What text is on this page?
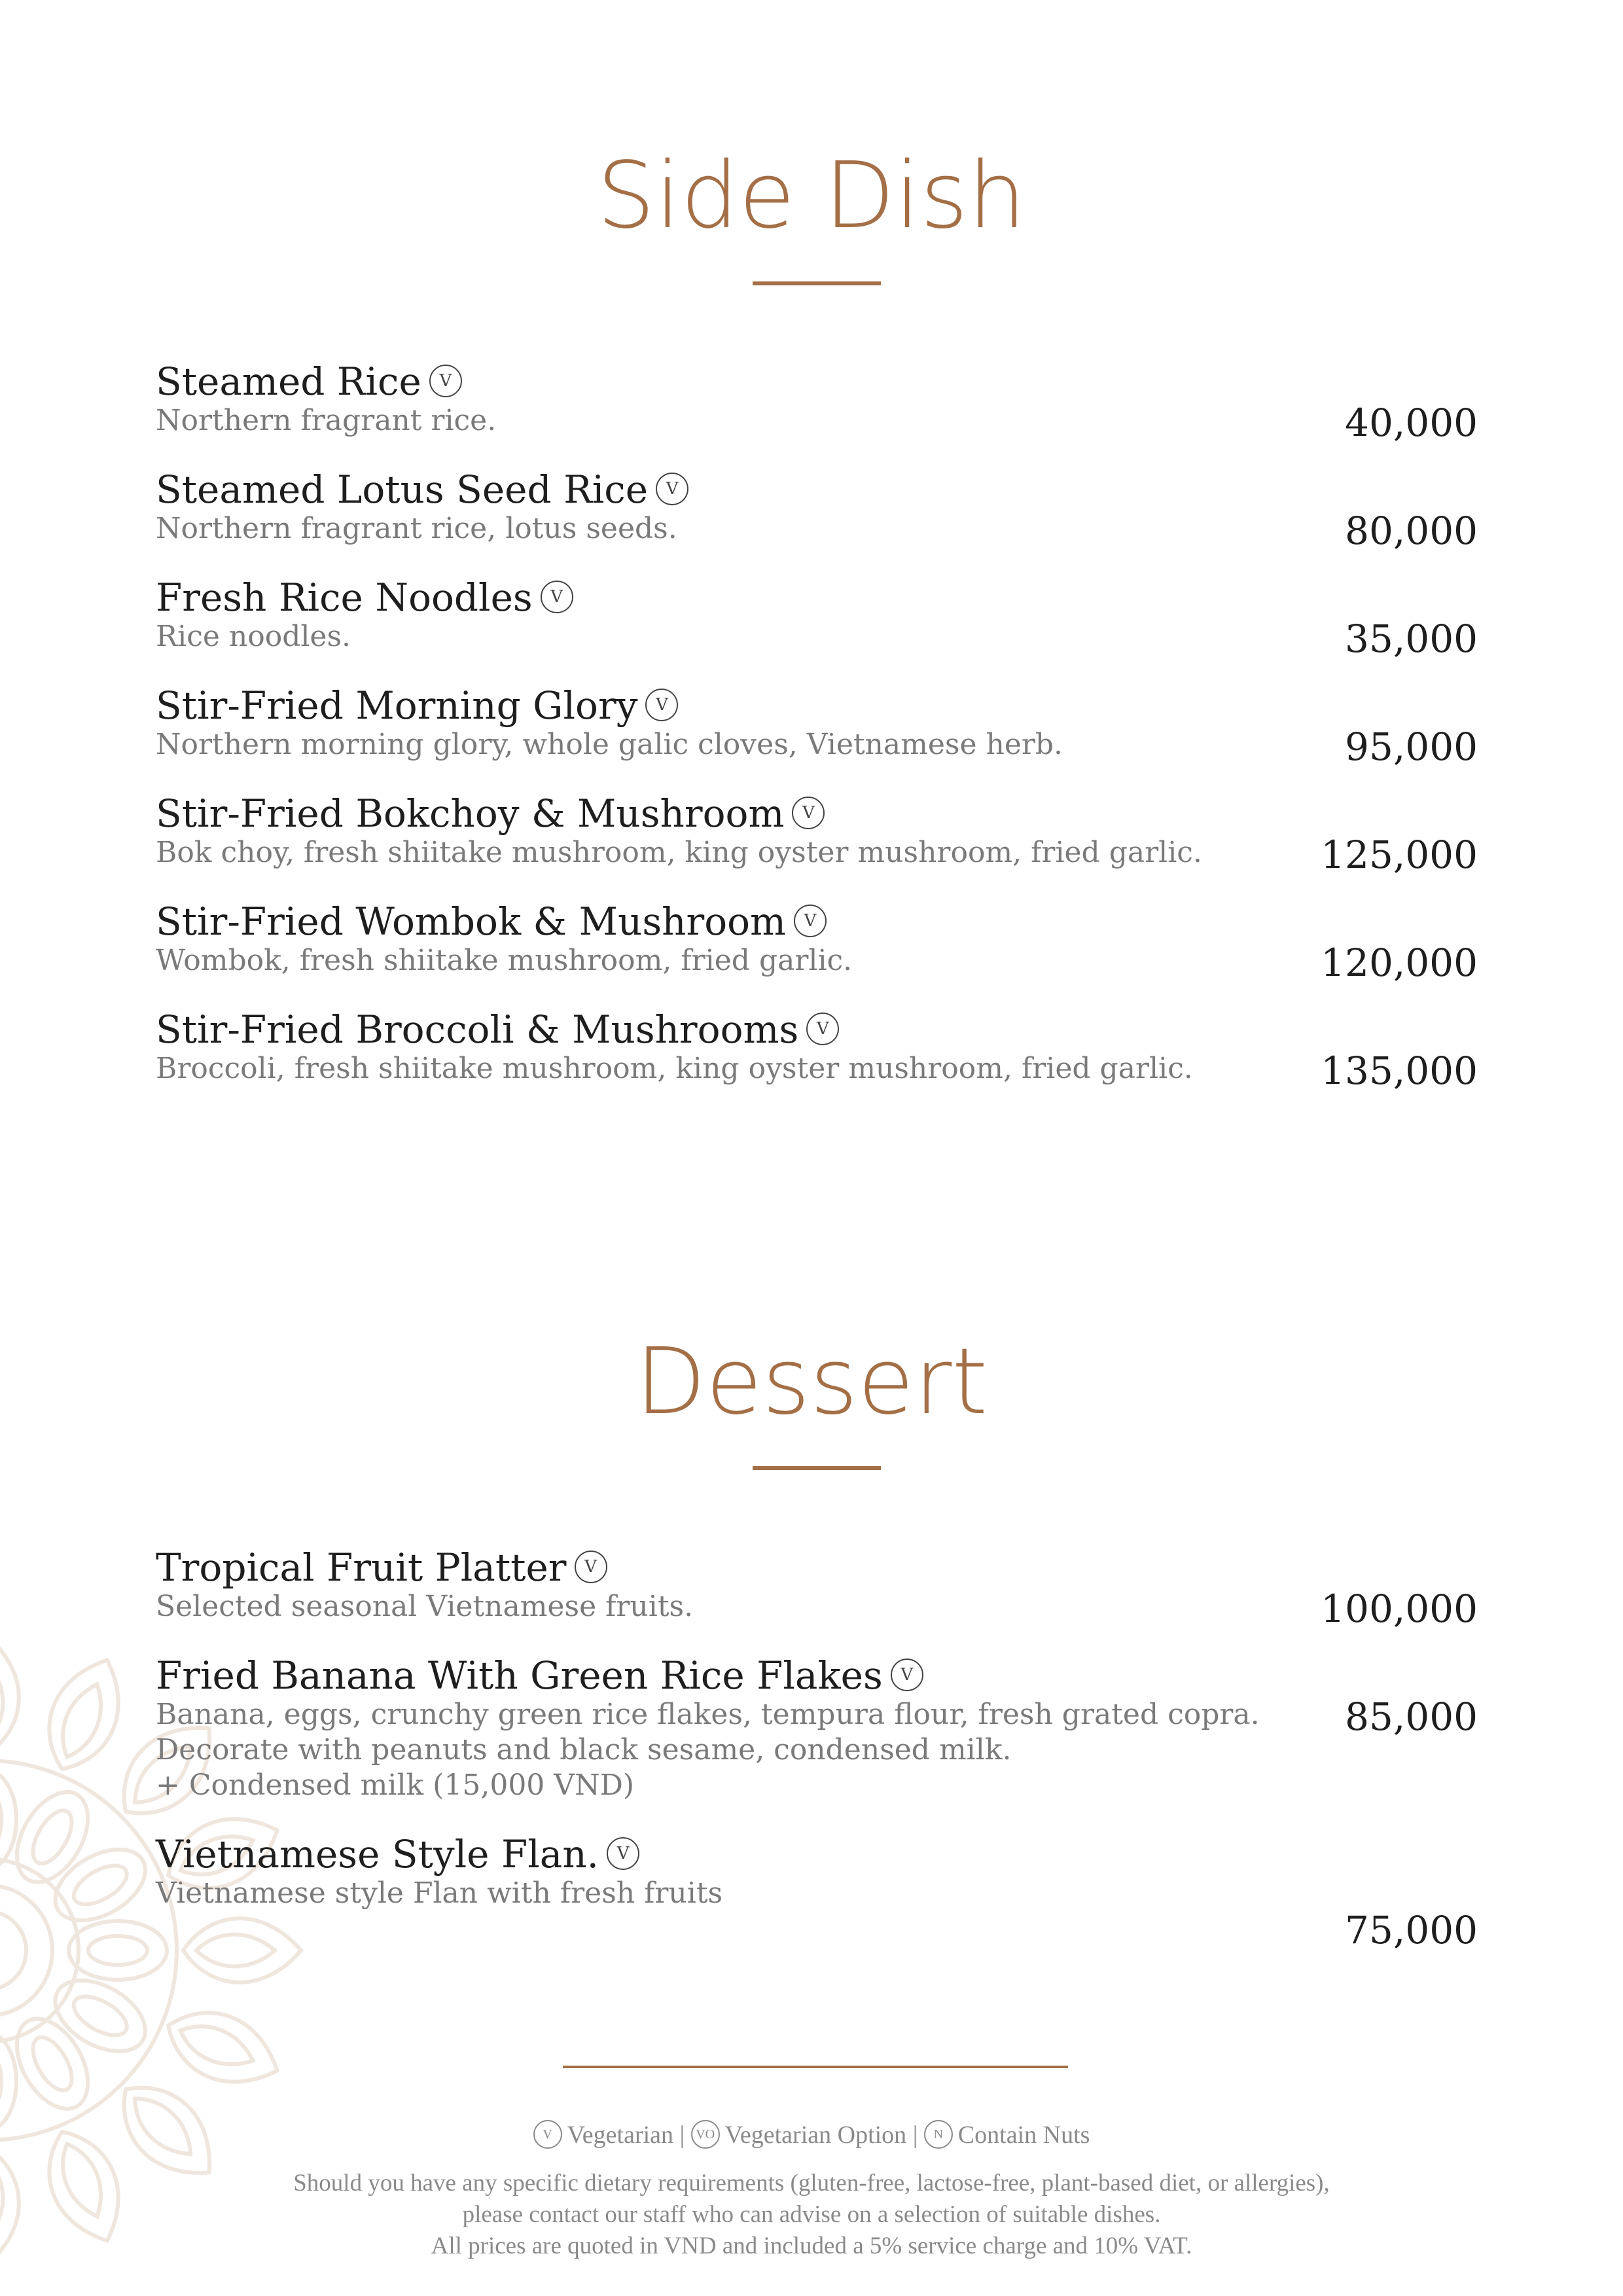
Side Dish
Steamed Rice V
Northern fragrant rice.	40,000
Steamed Lotus Seed Rice V
Northern fragrant rice, lotus seeds.	80,000
Fresh Rice Noodles V
Rice noodles.	35,000
Stir-Fried Morning Glory V
Northern morning glory, whole galic cloves, Vietnamese herb.	95,000
Stir-Fried Bokchoy & Mushroom V
Bok choy, fresh shiitake mushroom, king oyster mushroom, fried garlic.	125,000
Stir-Fried Wombok & Mushroom V
Wombok, fresh shiitake mushroom, fried garlic.	120,000
Stir-Fried Broccoli & Mushrooms V
Broccoli, fresh shiitake mushroom, king oyster mushroom, fried garlic.	135,000
Dessert
Tropical Fruit Platter V
Selected seasonal Vietnamese fruits.	100,000
Fried Banana With Green Rice Flakes V
Banana, eggs, crunchy green rice flakes, tempura flour, fresh grated copra.
Decorate with peanuts and black sesame, condensed milk.
+ Condensed milk (15,000 VND)
85,000
Vietnamese Style Flan. V
Vietnamese style Flan with fresh fruits
75,000
V Vegetarian | VO Vegetarian Option | N Contain Nuts
Should you have any specific dietary requirements (gluten-free, lactose-free, plant-based diet, or allergies),
please contact our staff who can advise on a selection of suitable dishes.
All prices are quoted in VND and included a 5% service charge and 10% VAT.
